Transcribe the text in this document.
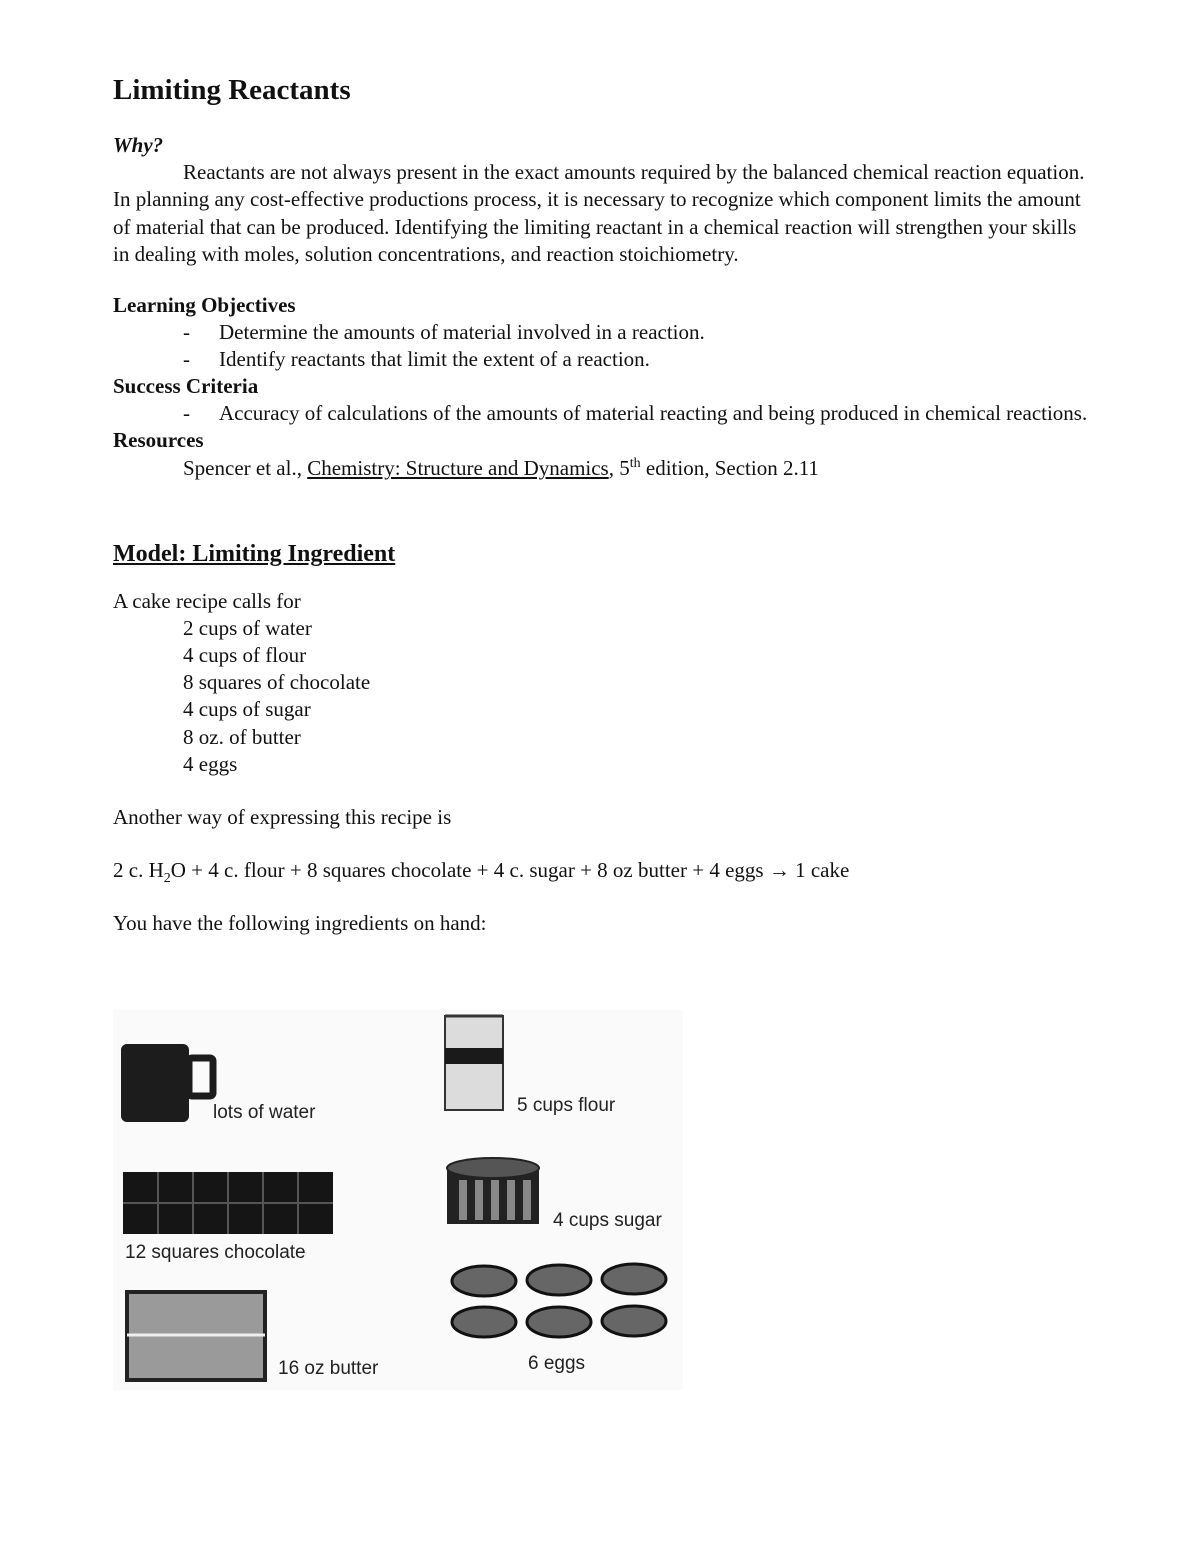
Limiting Reactants
Why?

Reactants are not always present in the exact amounts required by the balanced chemical reaction equation. In planning any cost-effective productions process, it is necessary to recognize which component limits the amount of material that can be produced. Identifying the limiting reactant in a chemical reaction will strengthen your skills in dealing with moles, solution concentrations, and reaction stoichiometry.

Learning Objectives
- Determine the amounts of material involved in a reaction.
- Identify reactants that limit the extent of a reaction.
Success Criteria
- Accuracy of calculations of the amounts of material reacting and being produced in chemical reactions.
Resources
Spencer et al., Chemistry: Structure and Dynamics, 5th edition, Section 2.11
Model: Limiting Ingredient
A cake recipe calls for
2 cups of water
4 cups of flour
8 squares of chocolate
4 cups of sugar
8 oz. of butter
4 eggs
Another way of expressing this recipe is
2 c. $H_2O + 4$ c. flour + 8 squares chocolate + 4 c. sugar + 8 oz butter + 4 eggs → 1 cake
You have the following ingredients on hand:
lots of water	5 cups flour
12 squares chocolate
4 cups sugar
16 oz butter	6 eggs
